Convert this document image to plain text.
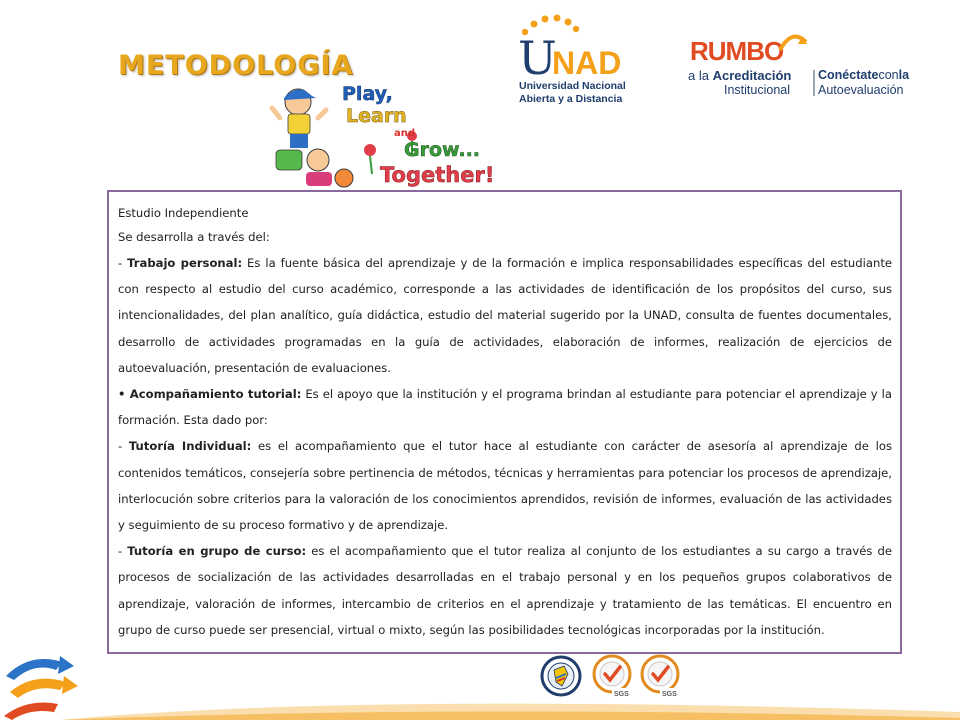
METODOLOGÍA
Play,
Learn
and
Grow...
Together!
U
NAD
Universidad Nacional
Abierta y a Distancia
RUMBO
a la Acreditación
Institucional
Conéctateconla
Autoevaluación

Estudio Independiente

Se desarrolla a través del:

- Trabajo personal: Es la fuente básica del aprendizaje y de la formación e implica responsabilidades específicas del estudiante con respecto al estudio del curso académico, corresponde a las actividades de identificación de los propósitos del curso, sus intencionalidades, del plan analítico, guía didáctica, estudio del material sugerido por la UNAD, consulta de fuentes documentales, desarrollo de actividades programadas en la guía de actividades, elaboración de informes, realización de ejercicios de autoevaluación, presentación de evaluaciones.

• Acompañamiento tutorial: Es el apoyo que la institución y el programa brindan al estudiante para potenciar el aprendizaje y la formación. Esta dado por:

- Tutoría Individual: es el acompañamiento que el tutor hace al estudiante con carácter de asesoría al aprendizaje de los contenidos temáticos, consejería sobre pertinencia de métodos, técnicas y herramientas para potenciar los procesos de aprendizaje, interlocución sobre criterios para la valoración de los conocimientos aprendidos, revisión de informes, evaluación de las actividades y seguimiento de su proceso formativo y de aprendizaje.

- Tutoría en grupo de curso: es el acompañamiento que el tutor realiza al conjunto de los estudiantes a su cargo a través de procesos de socialización de las actividades desarrolladas en el trabajo personal y en los pequeños grupos colaborativos de aprendizaje, valoración de informes, intercambio de criterios en el aprendizaje y tratamiento de las temáticas. El encuentro en grupo de curso puede ser presencial, virtual o mixto, según las posibilidades tecnológicas incorporadas por la institución.

SGS	SGS
